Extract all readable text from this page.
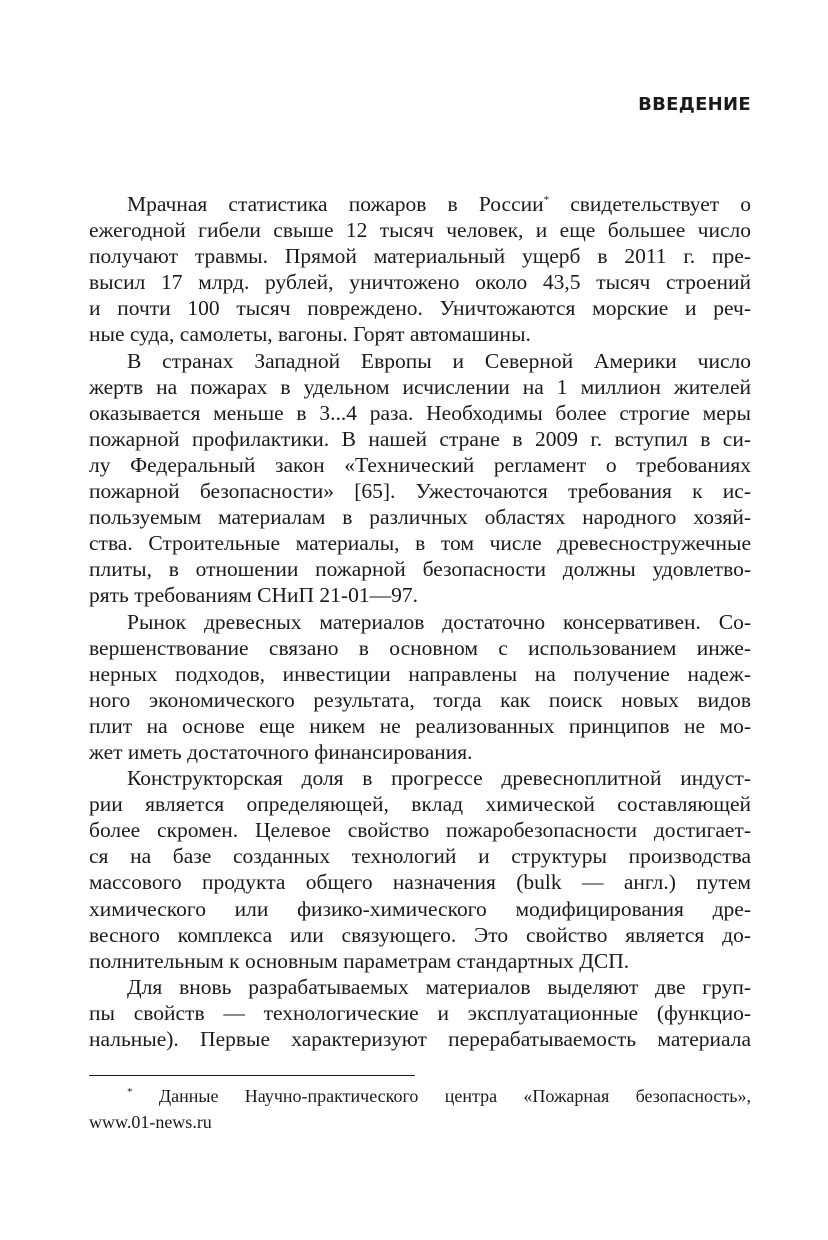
ВВЕДЕНИЕ
Мрачная статистика пожаров в России* свидетельствует о
ежегодной гибели свыше 12 тысяч человек, и еще большее число
получают травмы. Прямой материальный ущерб в 2011 г. пре-
высил 17 млрд. рублей, уничтожено около 43,5 тысяч строений
и почти 100 тысяч повреждено. Уничтожаются морские и реч-
ные суда, самолеты, вагоны. Горят автомашины.
В странах Западной Европы и Северной Америки число
жертв на пожарах в удельном исчислении на 1 миллион жителей
оказывается меньше в 3...4 раза. Необходимы более строгие меры
пожарной профилактики. В нашей стране в 2009 г. вступил в си-
лу Федеральный закон «Технический регламент о требованиях
пожарной безопасности» [65]. Ужесточаются требования к ис-
пользуемым материалам в различных областях народного хозяй-
ства. Строительные материалы, в том числе древесностружечные
плиты, в отношении пожарной безопасности должны удовлетво-
рять требованиям СНиП 21-01—97.
Рынок древесных материалов достаточно консервативен. Со-
вершенствование связано в основном с использованием инже-
нерных подходов, инвестиции направлены на получение надеж-
ного экономического результата, тогда как поиск новых видов
плит на основе еще никем не реализованных принципов не мо-
жет иметь достаточного финансирования.
Конструкторская доля в прогрессе древесноплитной индуст-
рии является определяющей, вклад химической составляющей
более скромен. Целевое свойство пожаробезопасности достигает-
ся на базе созданных технологий и структуры производства
массового продукта общего назначения (bulk — англ.) путем
химического или физико-химического модифицирования дре-
весного комплекса или связующего. Это свойство является до-
полнительным к основным параметрам стандартных ДСП.
Для вновь разрабатываемых материалов выделяют две груп-
пы свойств — технологические и эксплуатационные (функцио-
нальные). Первые характеризуют перерабатываемость материала
* Данные Научно-практического центра «Пожарная безопасность»,
www.01-news.ru
